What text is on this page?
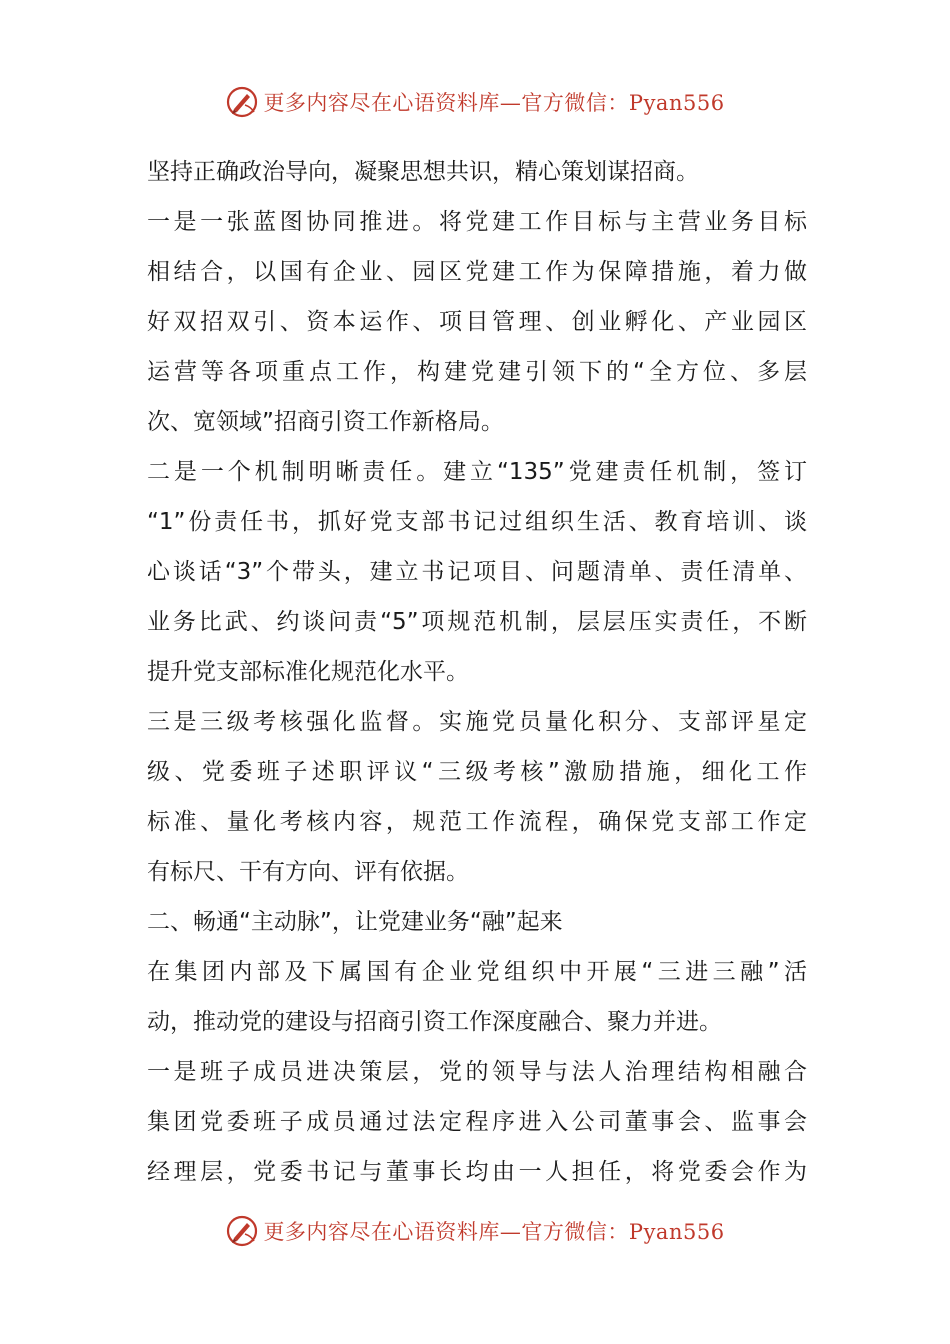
更多内容尽在心语资料库—官方微信：Pyan556
坚持正确政治导向，凝聚思想共识，精心策划谋招商。
一是一张蓝图协同推进。将党建工作目标与主营业务目标
相结合，以国有企业、园区党建工作为保障措施，着力做
好双招双引、资本运作、项目管理、创业孵化、产业园区
运营等各项重点工作，构建党建引领下的“全方位、多层
次、宽领域”招商引资工作新格局。
二是一个机制明晰责任。建立“135”党建责任机制，签订
“1”份责任书，抓好党支部书记过组织生活、教育培训、谈
心谈话“3”个带头，建立书记项目、问题清单、责任清单、
业务比武、约谈问责“5”项规范机制，层层压实责任，不断
提升党支部标准化规范化水平。
三是三级考核强化监督。实施党员量化积分、支部评星定
级、党委班子述职评议“三级考核”激励措施，细化工作
标准、量化考核内容，规范工作流程，确保党支部工作定
有标尺、干有方向、评有依据。
二、畅通“主动脉”，让党建业务“融”起来
在集团内部及下属国有企业党组织中开展“三进三融”活
动，推动党的建设与招商引资工作深度融合、聚力并进。
一是班子成员进决策层，党的领导与法人治理结构相融合
集团党委班子成员通过法定程序进入公司董事会、监事会
经理层，党委书记与董事长均由一人担任，将党委会作为
更多内容尽在心语资料库—官方微信：Pyan556
